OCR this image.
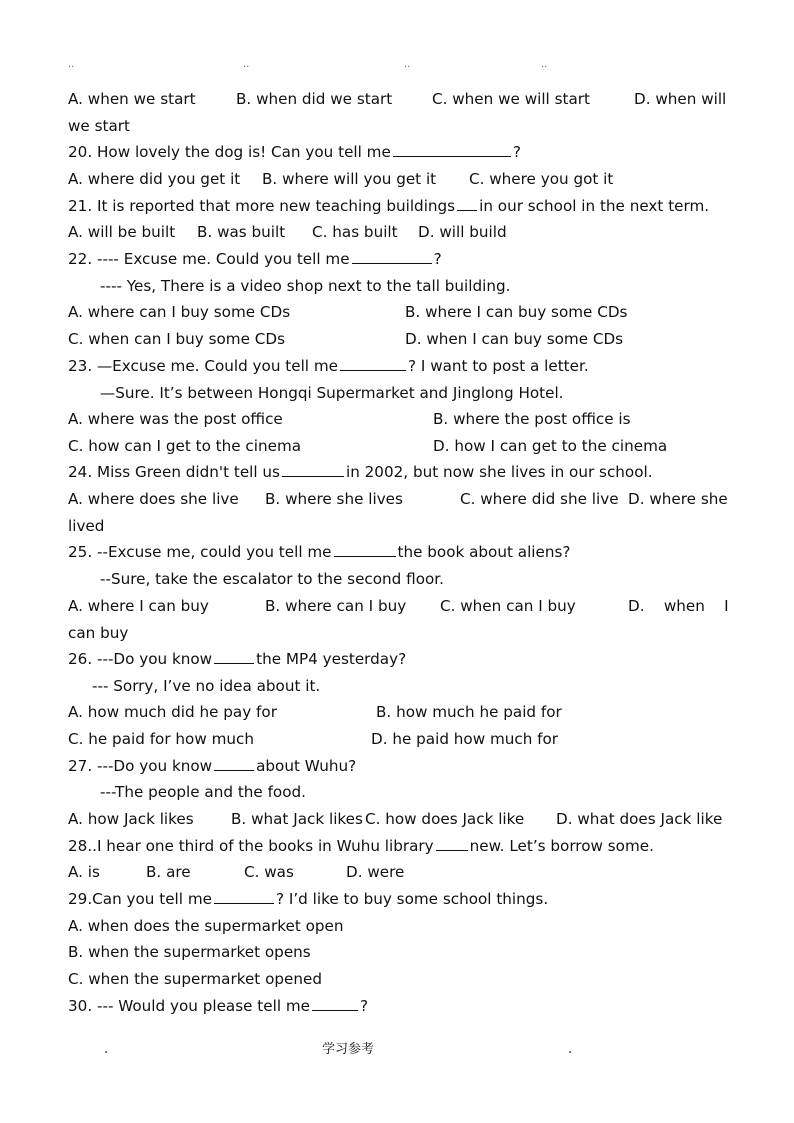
..	..	..	..
A. when we start	B. when did we start	C. when we will start	D. when will
we start
20. How lovely the dog is! Can you tell me	?
A. where did you get it B. where will you get it C. where you got it
21. It is reported that more new teaching buildings in our school in the next term.
A. will be built B. was built C. has built D. will build
22. ---- Excuse me. Could you tell me	?
---- Yes, There is a video shop next to the tall building.
A. where can I buy some CDs	B. where I can buy some CDs
C. when can I buy some CDs	D. when I can buy some CDs
23. —Excuse me. Could you tell me	? I want to post a letter.
—Sure. It’s between Hongqi Supermarket and Jinglong Hotel.
A. where was the post office	B. where the post office is
C. how can I get to the cinema	D. how I can get to the cinema
24. Miss Green didn't tell us	in 2002, but now she lives in our school.
A. where does she live B. where she lives	C. where did she live D. where she
lived
25. --Excuse me, could you tell me	the book about aliens?
--Sure, take the escalator to the second floor.
A. where I can buy	B. where can I buy C. when can I buy	D.    when    I
can buy
26. ---Do you know	the MP4 yesterday?
--- Sorry, I’ve no idea about it.
A. how much did he pay for	B. how much he paid for
C. he paid for how much	D. he paid how much for
27. ---Do you know	about Wuhu?
---The people and the food.
A. how Jack likes B. what Jack likes C. how does Jack like D. what does Jack like
28..I hear one third of the books in Wuhu library new. Let’s borrow some.
A. is	B. are	C. was	D. were
29.Can you tell me	? I’d like to buy some school things.
A. when does the supermarket open
B. when the supermarket opens
C. when the supermarket opened
30. --- Would you please tell me	?
.	学习参考	.
